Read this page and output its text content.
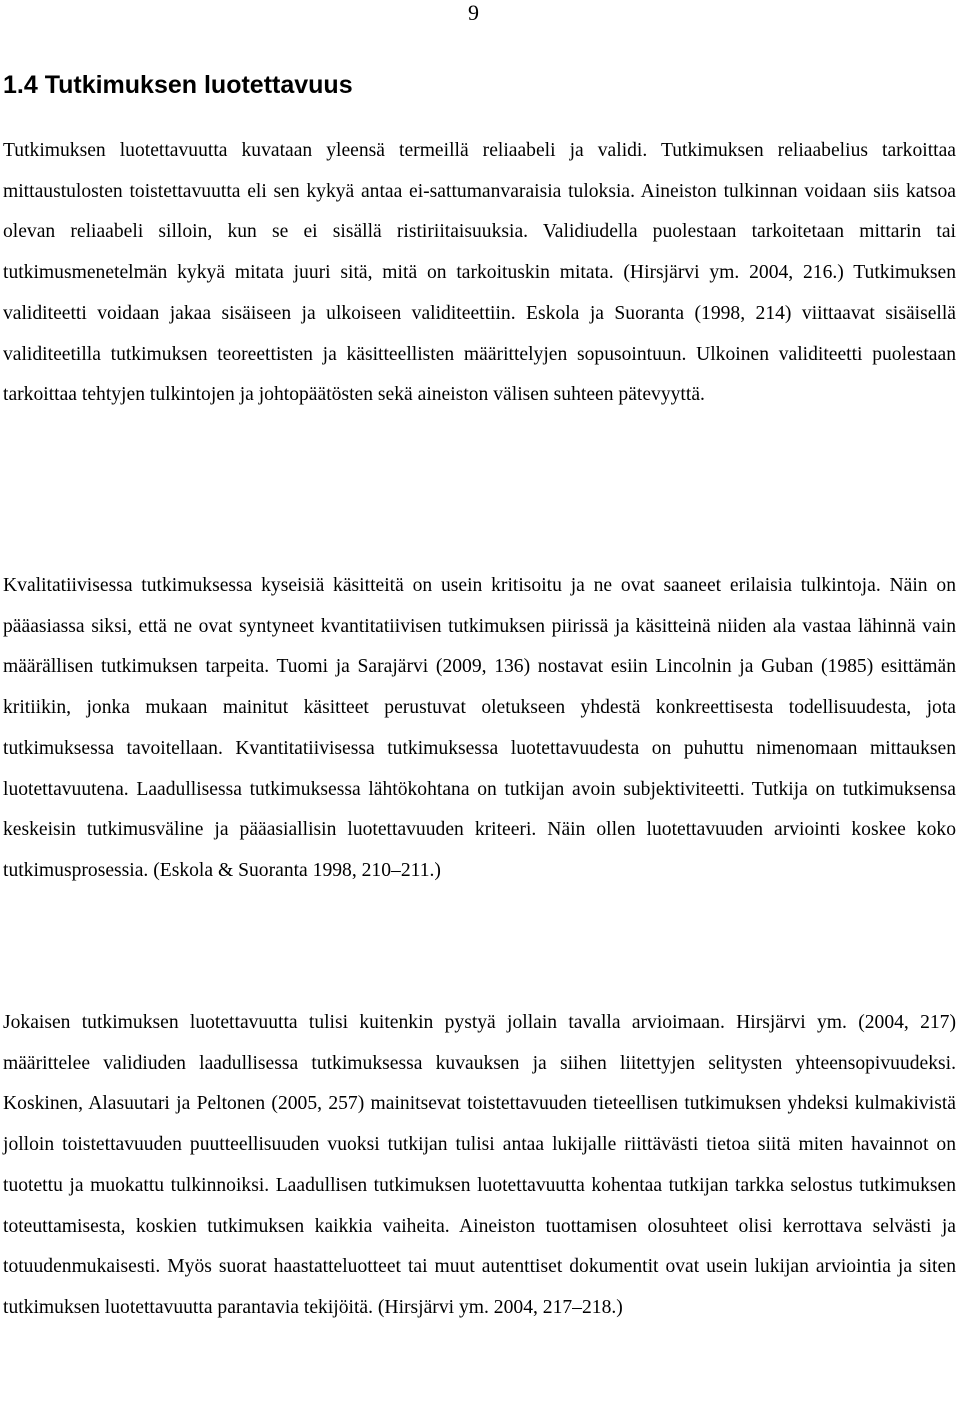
9
1.4 Tutkimuksen luotettavuus

Tutkimuksen luotettavuutta kuvataan yleensä termeillä reliaabeli ja validi. Tutkimuksen reliaabelius tarkoittaa mittaustulosten toistettavuutta eli sen kykyä antaa ei-sattumanvaraisia tuloksia. Aineiston tulkinnan voidaan siis katsoa olevan reliaabeli silloin, kun se ei sisällä ristiriitaisuuksia. Validiudella puolestaan tarkoitetaan mittarin tai tutkimusmenetelmän kykyä mitata juuri sitä, mitä on tarkoituskin mitata. (Hirsjärvi ym. 2004, 216.) Tutkimuksen validiteetti voidaan jakaa sisäiseen ja ulkoiseen validiteettiin. Eskola ja Suoranta (1998, 214) viittaavat sisäisellä validiteetilla tutkimuksen teoreettisten ja käsitteellisten määrittelyjen sopusointuun. Ulkoinen validiteetti puolestaan tarkoittaa tehtyjen tulkintojen ja johtopäätösten sekä aineiston välisen suhteen pätevyyttä.

Kvalitatiivisessa tutkimuksessa kyseisiä käsitteitä on usein kritisoitu ja ne ovat saaneet erilaisia tulkintoja. Näin on pääasiassa siksi, että ne ovat syntyneet kvantitatiivisen tutkimuksen piirissä ja käsitteinä niiden ala vastaa lähinnä vain määrällisen tutkimuksen tarpeita. Tuomi ja Sarajärvi (2009, 136) nostavat esiin Lincolnin ja Guban (1985) esittämän kritiikin, jonka mukaan mainitut käsitteet perustuvat oletukseen yhdestä konkreettisesta todellisuudesta, jota tutkimuksessa tavoitellaan. Kvantitatiivisessa tutkimuksessa luotettavuudesta on puhuttu nimenomaan mittauksen luotettavuutena. Laadullisessa tutkimuksessa lähtökohtana on tutkijan avoin subjektiviteetti. Tutkija on tutkimuksensa keskeisin tutkimusväline ja pääasiallisin luotettavuuden kriteeri. Näin ollen luotettavuuden arviointi koskee koko tutkimusprosessia. (Eskola & Suoranta 1998, 210–211.)

Jokaisen tutkimuksen luotettavuutta tulisi kuitenkin pystyä jollain tavalla arvioimaan. Hirsjärvi ym. (2004, 217) määrittelee validiuden laadullisessa tutkimuksessa kuvauksen ja siihen liitettyjen selitysten yhteensopivuudeksi. Koskinen, Alasuutari ja Peltonen (2005, 257) mainitsevat toistettavuuden tieteellisen tutkimuksen yhdeksi kulmakivistä jolloin toistettavuuden puutteellisuuden vuoksi tutkijan tulisi antaa lukijalle riittävästi tietoa siitä miten havainnot on tuotettu ja muokattu tulkinnoiksi. Laadullisen tutkimuksen luotettavuutta kohentaa tutkijan tarkka selostus tutkimuksen toteuttamisesta, koskien tutkimuksen kaikkia vaiheita. Aineiston tuottamisen olosuhteet olisi kerrottava selvästi ja totuudenmukaisesti. Myös suorat haastatteluotteet tai muut autenttiset dokumentit ovat usein lukijan arviointia ja siten tutkimuksen luotettavuutta parantavia tekijöitä. (Hirsjärvi ym. 2004, 217–218.)
